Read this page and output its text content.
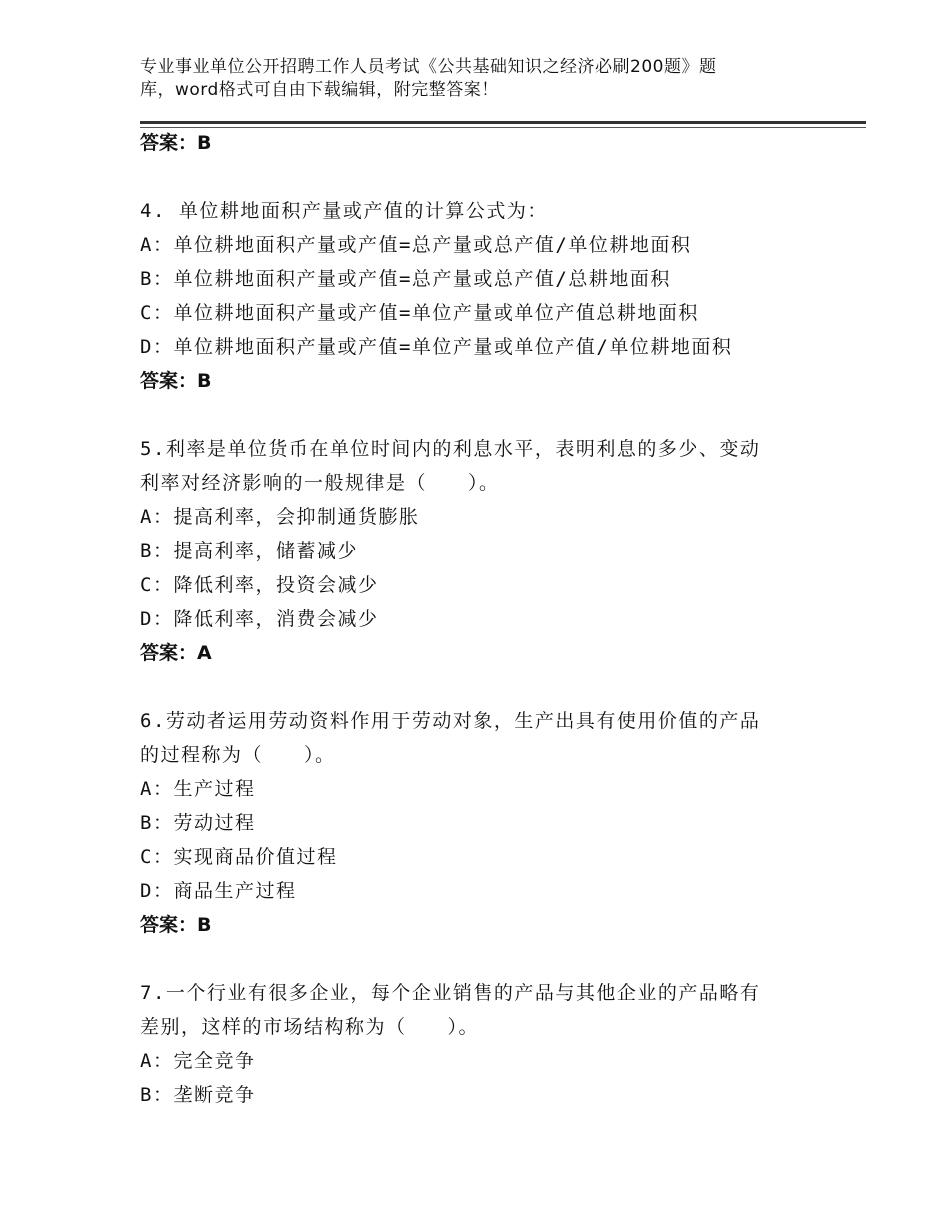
专业事业单位公开招聘工作人员考试《公共基础知识之经济必刷200题》题
库，word格式可自由下载编辑，附完整答案！
答案：B
4. 单位耕地面积产量或产值的计算公式为：
A：单位耕地面积产量或产值=总产量或总产值/单位耕地面积
B：单位耕地面积产量或产值=总产量或总产值/总耕地面积
C：单位耕地面积产量或产值=单位产量或单位产值总耕地面积
D：单位耕地面积产量或产值=单位产量或单位产值/单位耕地面积
答案：B
5.利率是单位货币在单位时间内的利息水平，表明利息的多少、变动
利率对经济影响的一般规律是（　　）。
A：提高利率，会抑制通货膨胀
B：提高利率，储蓄减少
C：降低利率，投资会减少
D：降低利率，消费会减少
答案：A
6.劳动者运用劳动资料作用于劳动对象，生产出具有使用价值的产品
的过程称为（　　）。
A：生产过程
B：劳动过程
C：实现商品价值过程
D：商品生产过程
答案：B
7.一个行业有很多企业，每个企业销售的产品与其他企业的产品略有
差别，这样的市场结构称为（　　）。
A：完全竞争
B：垄断竞争
